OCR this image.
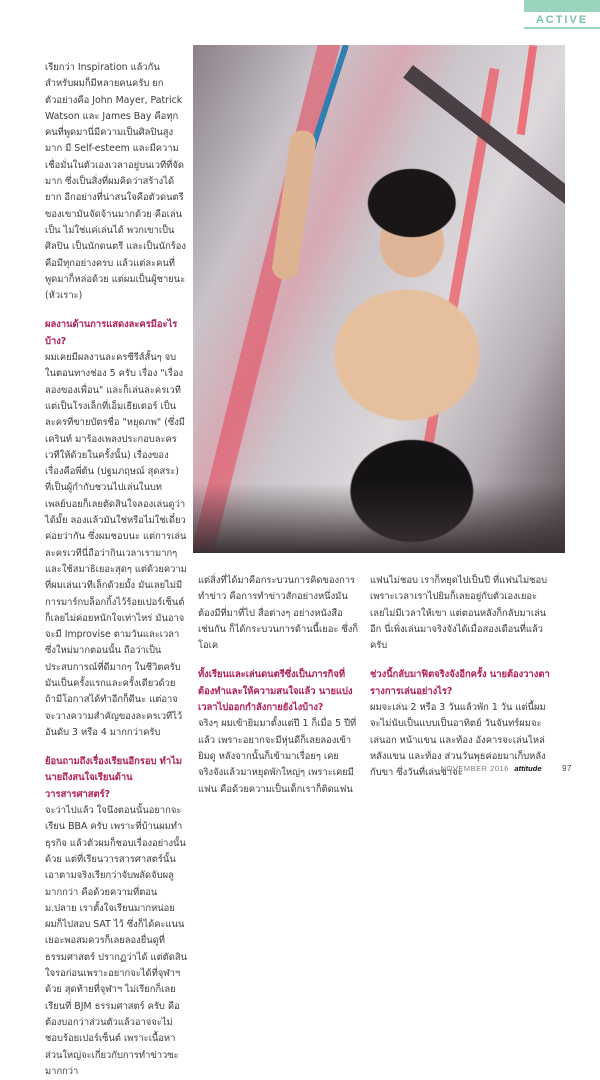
ACTIVE

เรียกว่า Inspiration แล้วกัน สำหรับผมก็มีหลายคนครับ ยกตัวอย่างคือ John Mayer, Patrick Watson และ James Bay คือทุกคนที่พูดมานี่มีความเป็นศิลปินสูงมาก มี Self-esteem และมีความเชื่อมั่นในตัวเองเวลาอยู่บนเวทีที่จัดมาก ซึ่งเป็นสิ่งที่ผมคิดว่าสร้างได้ยาก อีกอย่างที่น่าสนใจคือตัวดนตรีของเขามันจัดจ้านมากด้วย คือเล่นเป็น ไม่ใช่แค่เล่นได้ พวกเขาเป็นศิลปิน เป็นนักดนตรี และเป็นนักร้อง คือมีทุกอย่างครบ แล้วแต่ละคนที่พูดมาก็หล่อด้วย แต่ผมเป็นผู้ชายนะ (หัวเราะ)

ผลงานด้านการแสดงละครมีอะไรบ้าง?

ผมเคยมีผลงานละครซีรีส์สั้นๆ จบในตอนทางช่อง 5 ครับ เรื่อง "เรื่องลองของเพื่อน" และก็เล่นละครเวทีแต่เป็นโรงเล็กที่เอ็มเธียเตอร์ เป็นละครที่ขายบัตรชื่อ "หยุดภพ" (ซึ่งมี เครินท์ มาร้องเพลงประกอบละครเวทีให้ด้วยในครั้งนั้น) เรื่องของเรื่องคือพี่ต้น (ปฐมภฤษณ์ สุดสระ) ที่เป็นผู้กำกับชวนไปเล่นในบทเพลย์บอยก็เลยตัดสินใจลองเล่นดูว่าได้มั้ย ลองแล้วมันใช่หรือไม่ใช่เดี๋ยวค่อยว่ากัน ซึ่งผมชอบนะ แต่การเล่นละครเวทีนี่ถือว่ากินเวลาเรามากๆ และใช้สมาธิเยอะสุดๆ แต่ด้วยความที่ผมเล่นเวทีเล็กด้วยมั้ง มันเลยไม่มีการมาร์กบล็อกกิ้งไว้ร้อยเปอร์เซ็นต์ก็เลยไม่ค่อยหนักใจเท่าไหร่ มันอาจจะมี Improvise ตามวันและเวลาซึ่งใหม่มากตอนนั้น ถือว่าเป็นประสบการณ์ที่ดีมากๆ ในชีวิตครับ มันเป็นครั้งแรกและครั้งเดียวด้วย ถ้ามีโอกาสได้ทำอีกก็ดีนะ แต่อาจจะวางความสำคัญของละครเวทีไว้อันดับ 3 หรือ 4 มากกว่าครับ

ย้อนถามถึงเรื่องเรียนอีกรอบ ทำไมนายถึงสนใจเรียนด้านวารสารศาสตร์?

จะว่าไปแล้ว ใจนึงตอนนั้นอยากจะเรียน BBA ครับ เพราะที่บ้านผมทำธุรกิจ แล้วตัวผมก็ชอบเรื่องอย่างนั้นด้วย แต่ที่เรียนวารสารศาสตร์นั้น เอาตามจริงเรียกว่าจับพลัดจับผลูมากกว่า คือด้วยความที่ตอน ม.ปลาย เราตั้งใจเรียนมากหน่อย ผมก็ไปสอบ SAT ไว้ ซึ่งก็ได้คะแนนเยอะพอสมควรก็เลยลองยื่นดูที่ธรรมศาสตร์ ปรากฏว่าได้ แต่ตัดสินใจรอก่อนเพราะอยากจะได้ที่จุฬาฯ ด้วย สุดท้ายที่จุฬาฯ ไม่เรียกก็เลยเรียนที่ BJM ธรรมศาสตร์ ครับ คือต้องบอกว่าส่วนตัวแล้วอาจจะไม่ชอบร้อยเปอร์เซ็นต์ เพราะเนื้อหาส่วนใหญ่จะเกี่ยวกับการทำข่าวซะมากกว่า

แต่สิ่งที่ได้มาคือกระบวนการคิดของการทำข่าว คือการทำข่าวสักอย่างหนึ่งมันต้องมีที่มาที่ไป สื่อต่างๆ อย่างหนังสือเช่นกัน ก็ได้กระบวนการด้านนี้เยอะ ซึ่งก็โอเค

ทั้งเรียนและเล่นดนตรีซึ่งเป็นภารกิจที่ต้องทำและให้ความสนใจแล้ว นายแบ่งเวลาไปออกกำลังกายยังไงบ้าง?

จริงๆ ผมเข้ายิมมาตั้งแต่ปี 1 ก็เมื่อ 5 ปีที่แล้ว เพราะอยากจะมีหุ่นดีก็เลยลองเข้ายิมดู หลังจากนั้นก็เข้ามาเรื่อยๆ เคยจริงจังแล้วมาหยุดพักใหญ่ๆ เพราะเคยมีแฟน คือด้วยความเป็นเด็กเราก็ติดแฟน

แฟนไม่ชอบ เราก็หยุดไปเป็นปี ที่แฟนไม่ชอบเพราะเวลาเราไปยิมก็เลยอยู่กับตัวเองเยอะ เลยไม่มีเวลาให้เขา แต่ตอนหลังก็กลับมาเล่นอีก นี่เพิ่งเล่นมาจริงจังได้เมื่อสองเดือนที่แล้วครับ

ช่วงนี้กลับมาฟิตจริงจังอีกครั้ง นายต้องวางตารางการเล่นอย่างไร?

ผมจะเล่น 2 หรือ 3 วันแล้วพัก 1 วัน แต่นี้ผมจะไม่นับเป็นแบบเป็นอาทิตย์ วันจันทร์ผมจะเล่นอก หน้าแขน และท้อง อังคารจะเล่นไหล่ หลังแขน และท้อง ส่วนวันพุธค่อยมาเก็บหลังกับขา ซึ่งวันที่เล่นขาจะ

NOVEMBER 2016 attitude	97
